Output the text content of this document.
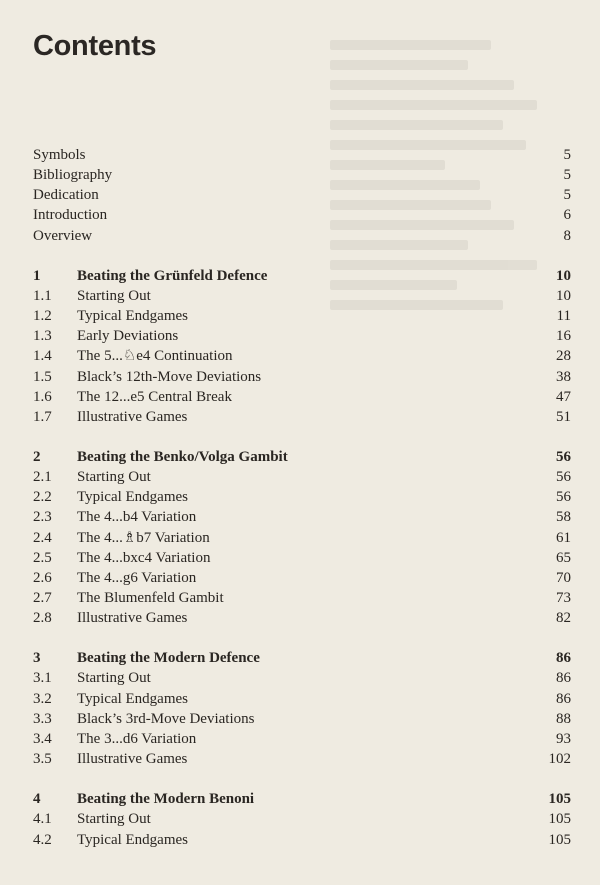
Contents
Symbols	5
Bibliography	5
Dedication	5
Introduction	6
Overview	8
1 Beating the Grünfeld Defence	10
1.1 Starting Out	10
1.2 Typical Endgames	11
1.3 Early Deviations	16
1.4 The 5...♘e4 Continuation	28
1.5 Black’s 12th-Move Deviations	38
1.6 The 12...e5 Central Break	47
1.7 Illustrative Games	51
2 Beating the Benko/Volga Gambit	56
2.1 Starting Out	56
2.2 Typical Endgames	56
2.3 The 4...b4 Variation	58
2.4 The 4...♗b7 Variation	61
2.5 The 4...bxc4 Variation	65
2.6 The 4...g6 Variation	70
2.7 The Blumenfeld Gambit	73
2.8 Illustrative Games	82
3 Beating the Modern Defence	86
3.1 Starting Out	86
3.2 Typical Endgames	86
3.3 Black’s 3rd-Move Deviations	88
3.4 The 3...d6 Variation	93
3.5 Illustrative Games	102
4 Beating the Modern Benoni	105
4.1 Starting Out	105
4.2 Typical Endgames	105
